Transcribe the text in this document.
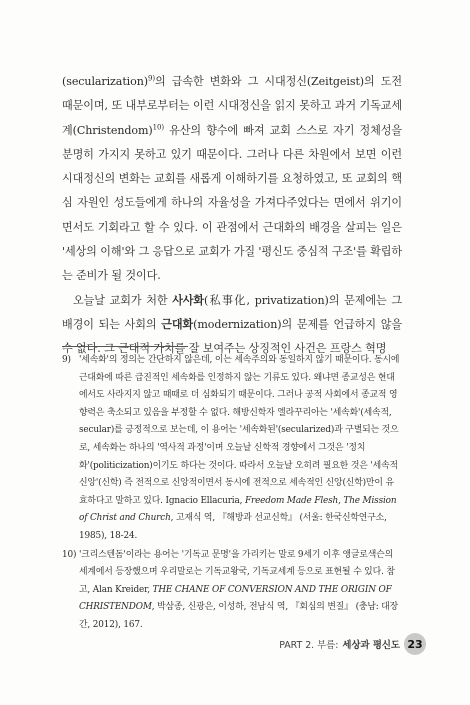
(secularization)$^{9)}$의 급속한 변화와 그 시대정신(Zeitgeist)의 도전 때문이며, 또 내부로부터는 이런 시대정신을 읽지 못하고 과거 기독교세계(Christendom)$^{10)}$ 유산의 향수에 빠져 교회 스스로 자기 정체성을 분명히 가지지 못하고 있기 때문이다. 그러나 다른 차원에서 보면 이런 시대정신의 변화는 교회를 새롭게 이해하기를 요청하였고, 또 교회의 핵심 자원인 성도들에게 하나의 자율성을 가져다주었다는 면에서 위기이면서도 기회라고 할 수 있다. 이 관점에서 근대화의 배경을 살피는 일은 '세상의 이해'와 그 응답으로 교회가 가질 '평신도 중심적 구조'를 확립하는 준비가 될 것이다.

오늘날 교회가 처한 사사화(私事化, privatization)의 문제에는 그 배경이 되는 사회의 근대화(modernization)의 문제를 언급하지 않을 수 없다. 그 근대적 가치를 잘 보여주는 상징적인 사건은 프랑스 혁명

9) '세속화'의 정의는 간단하지 않은데, 이는 세속주의와 동일하지 않기 때문이다. 동시에 근대화에 따른 급진적인 세속화를 인정하지 않는 기류도 있다. 왜냐면 종교성은 현대에서도 사라지지 않고 때때로 더 심화되기 때문이다. 그러나 공적 사회에서 종교적 영향력은 축소되고 있음을 부정할 수 없다. 해방신학자 엘라꾸리아는 '세속화'(세속적, secular)를 긍정적으로 보는데, 이 용어는 '세속화된'(secularized)과 구별되는 것으로, 세속화는 하나의 '역사적 과정'이며 오늘날 신학적 경향에서 그것은 '정치화'(politicization)이기도 하다는 것이다. 따라서 오늘날 오히려 필요한 것은 '세속적 신앙'(신학) 즉 전적으로 신앙적이면서 동시에 전적으로 세속적인 신앙(신학)만이 유효하다고 말하고 있다. Ignacio Ellacuria, Freedom Made Flesh, The Mission of Christ and Church, 고재식 역, 『해방과 선교신학』 (서울: 한국신학연구소, 1985), 18-24.

10) '크리스텐돔'이라는 용어는 '기독교 문명'을 가리키는 말로 9세기 이후 앵글로색슨의 세계에서 등장했으며 우리말로는 기독교왕국, 기독교세계 등으로 표현될 수 있다. 참고, Alan Kreider, THE CHANE OF CONVERSION AND THE ORIGIN OF CHRISTENDOM, 박삼종, 신광은, 이성하, 전남식 역, 『회심의 변질』 (충남: 대장간, 2012), 167.

PART 2. 부름: 세상과 평신도 23
